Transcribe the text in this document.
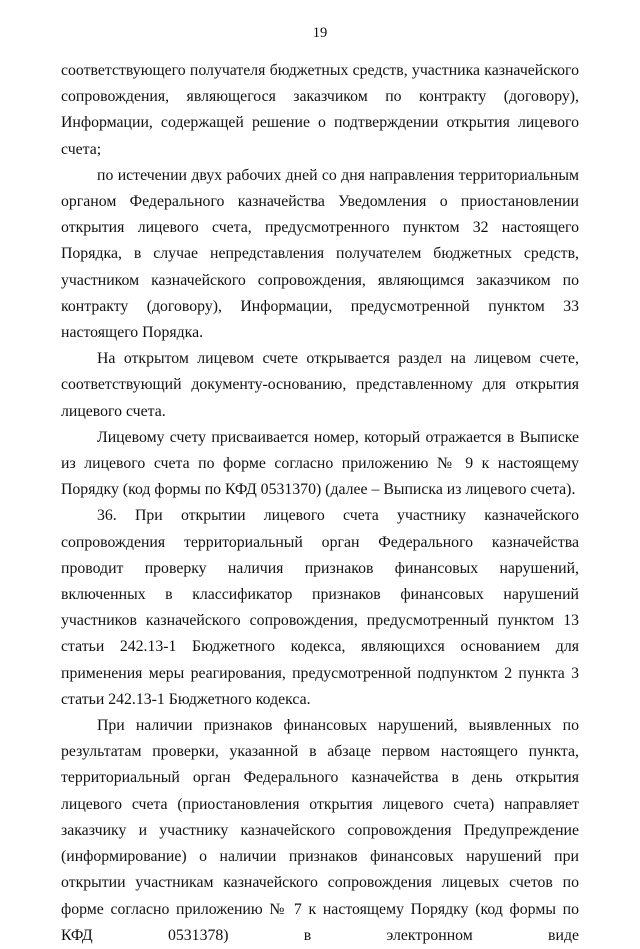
19

соответствующего получателя бюджетных средств, участника казначейского сопровождения, являющегося заказчиком по контракту (договору), Информации, содержащей решение о подтверждении открытия лицевого счета;

по истечении двух рабочих дней со дня направления территориальным органом Федерального казначейства Уведомления о приостановлении открытия лицевого счета, предусмотренного пунктом 32 настоящего Порядка, в случае непредставления получателем бюджетных средств, участником казначейского сопровождения, являющимся заказчиком по контракту (договору), Информации, предусмотренной пунктом 33 настоящего Порядка.

На открытом лицевом счете открывается раздел на лицевом счете, соответствующий документу-основанию, представленному для открытия лицевого счета.

Лицевому счету присваивается номер, который отражается в Выписке из лицевого счета по форме согласно приложению № 9 к настоящему Порядку (код формы по КФД 0531370) (далее – Выписка из лицевого счета).

36. При открытии лицевого счета участнику казначейского сопровождения территориальный орган Федерального казначейства проводит проверку наличия признаков финансовых нарушений, включенных в классификатор признаков финансовых нарушений участников казначейского сопровождения, предусмотренный пунктом 13 статьи 242.13-1 Бюджетного кодекса, являющихся основанием для применения меры реагирования, предусмотренной подпунктом 2 пункта 3 статьи 242.13-1 Бюджетного кодекса.

При наличии признаков финансовых нарушений, выявленных по результатам проверки, указанной в абзаце первом настоящего пункта, территориальный орган Федерального казначейства в день открытия лицевого счета (приостановления открытия лицевого счета) направляет заказчику и участнику казначейского сопровождения Предупреждение (информирование) о наличии признаков финансовых нарушений при открытии участникам казначейского сопровождения лицевых счетов по форме согласно приложению № 7 к настоящему Порядку (код формы по КФД 0531378) в электронном виде
